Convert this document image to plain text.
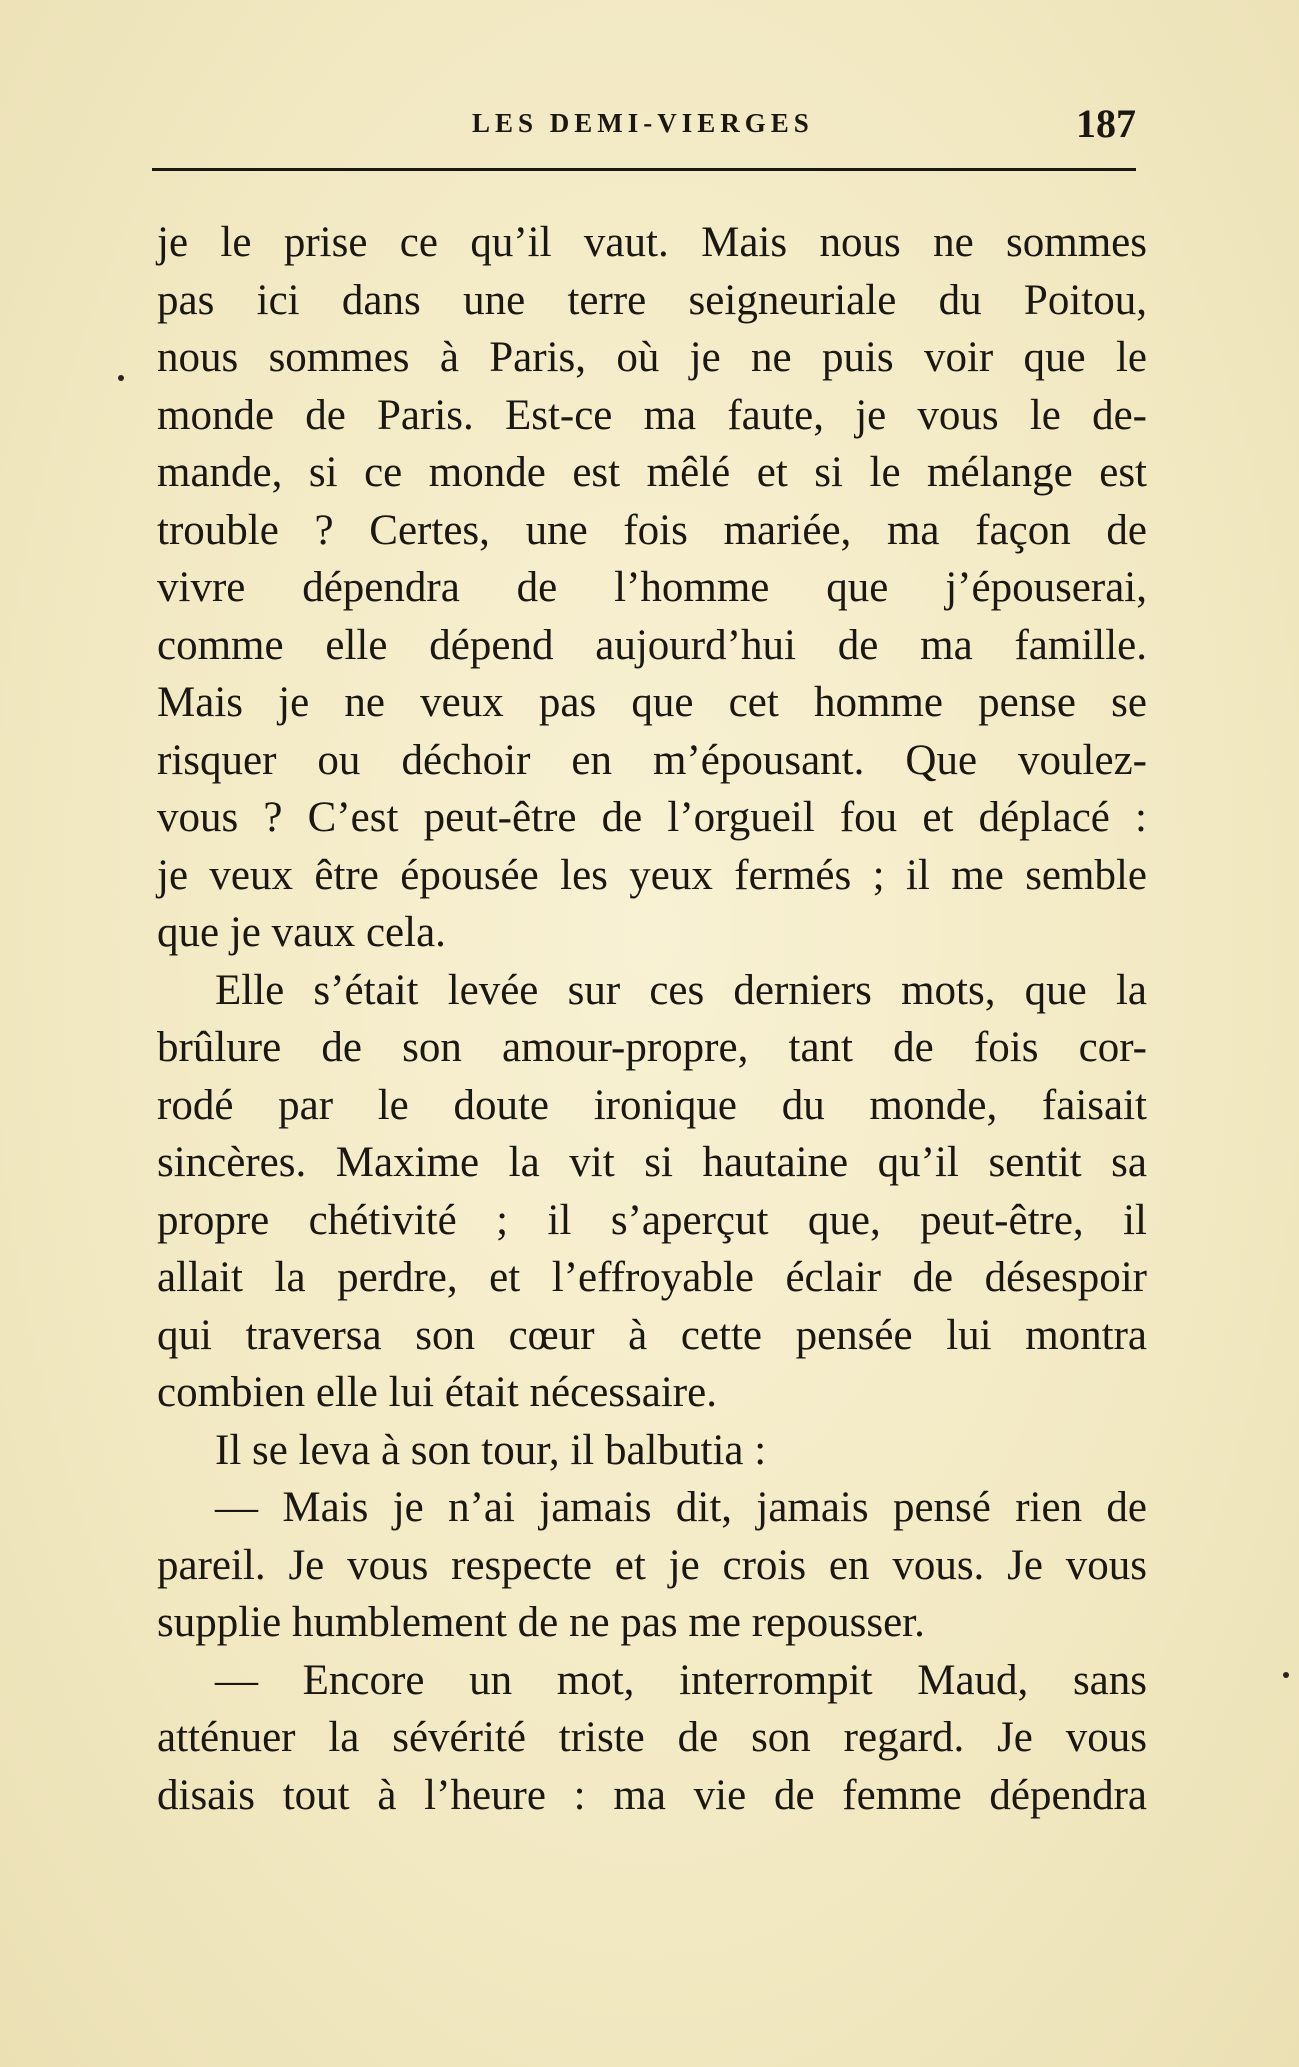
LES DEMI-VIERGES	187
je le prise ce qu’il vaut. Mais nous ne sommes
pas ici dans une terre seigneuriale du Poitou,
nous sommes à Paris, où je ne puis voir que le
monde de Paris. Est-ce ma faute, je vous le de-
mande, si ce monde est mêlé et si le mélange est
trouble ? Certes, une fois mariée, ma façon de
vivre dépendra de l’homme que j’épouserai,
comme elle dépend aujourd’hui de ma famille.
Mais je ne veux pas que cet homme pense se
risquer ou déchoir en m’épousant. Que voulez-
vous ? C’est peut-être de l’orgueil fou et déplacé :
je veux être épousée les yeux fermés ; il me semble
que je vaux cela.
Elle s’était levée sur ces derniers mots, que la
brûlure de son amour-propre, tant de fois cor-
rodé par le doute ironique du monde, faisait
sincères. Maxime la vit si hautaine qu’il sentit sa
propre chétivité ; il s’aperçut que, peut-être, il
allait la perdre, et l’effroyable éclair de désespoir
qui traversa son cœur à cette pensée lui montra
combien elle lui était nécessaire.
Il se leva à son tour, il balbutia :
— Mais je n’ai jamais dit, jamais pensé rien de
pareil. Je vous respecte et je crois en vous. Je vous
supplie humblement de ne pas me repousser.
— Encore un mot, interrompit Maud, sans
atténuer la sévérité triste de son regard. Je vous
disais tout à l’heure : ma vie de femme dépendra
